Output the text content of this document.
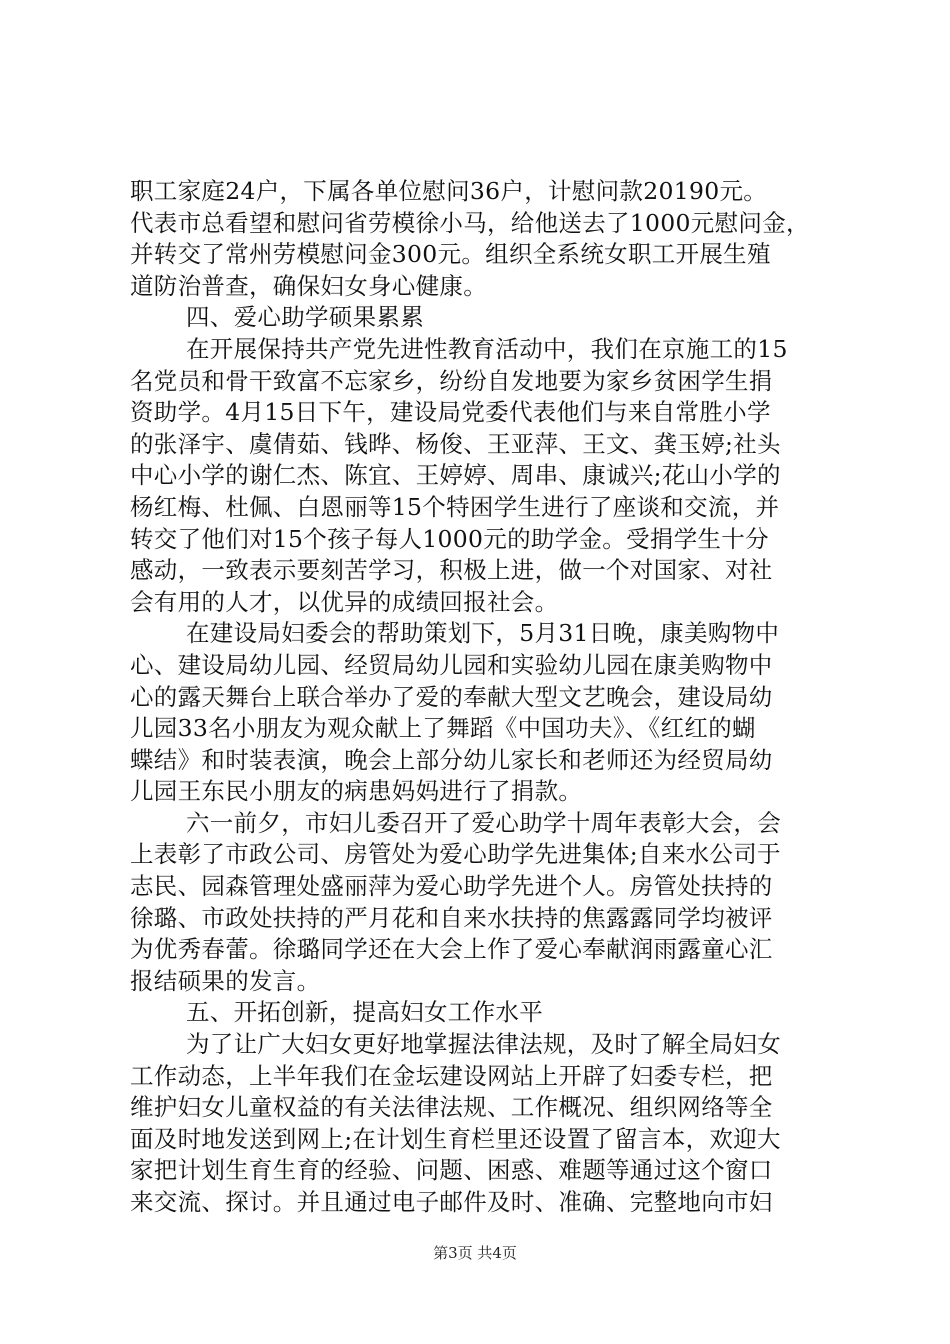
职工家庭24户，下属各单位慰问36户，计慰问款20190元。
代表市总看望和慰问省劳模徐小马，给他送去了1000元慰问金，
并转交了常州劳模慰问金300元。组织全系统女职工开展生殖
道防治普查，确保妇女身心健康。
四、爱心助学硕果累累
在开展保持共产党先进性教育活动中，我们在京施工的15
名党员和骨干致富不忘家乡，纷纷自发地要为家乡贫困学生捐
资助学。4月15日下午，建设局党委代表他们与来自常胜小学
的张泽宇、虞倩茹、钱晔、杨俊、王亚萍、王文、龚玉婷;社头
中心小学的谢仁杰、陈宜、王婷婷、周串、康诚兴;花山小学的
杨红梅、杜佩、白恩丽等15个特困学生进行了座谈和交流，并
转交了他们对15个孩子每人1000元的助学金。受捐学生十分
感动，一致表示要刻苦学习，积极上进，做一个对国家、对社
会有用的人才，以优异的成绩回报社会。
在建设局妇委会的帮助策划下，5月31日晚，康美购物中
心、建设局幼儿园、经贸局幼儿园和实验幼儿园在康美购物中
心的露天舞台上联合举办了爱的奉献大型文艺晚会，建设局幼
儿园33名小朋友为观众献上了舞蹈《中国功夫》、《红红的蝴
蝶结》和时装表演，晚会上部分幼儿家长和老师还为经贸局幼
儿园王东民小朋友的病患妈妈进行了捐款。
六一前夕，市妇儿委召开了爱心助学十周年表彰大会，会
上表彰了市政公司、房管处为爱心助学先进集体;自来水公司于
志民、园森管理处盛丽萍为爱心助学先进个人。房管处扶持的
徐璐、市政处扶持的严月花和自来水扶持的焦露露同学均被评
为优秀春蕾。徐璐同学还在大会上作了爱心奉献润雨露童心汇
报结硕果的发言。
五、开拓创新，提高妇女工作水平
为了让广大妇女更好地掌握法律法规，及时了解全局妇女
工作动态，上半年我们在金坛建设网站上开辟了妇委专栏，把
维护妇女儿童权益的有关法律法规、工作概况、组织网络等全
面及时地发送到网上;在计划生育栏里还设置了留言本，欢迎大
家把计划生育生育的经验、问题、困惑、难题等通过这个窗口
来交流、探讨。并且通过电子邮件及时、准确、完整地向市妇
第3页 共4页
